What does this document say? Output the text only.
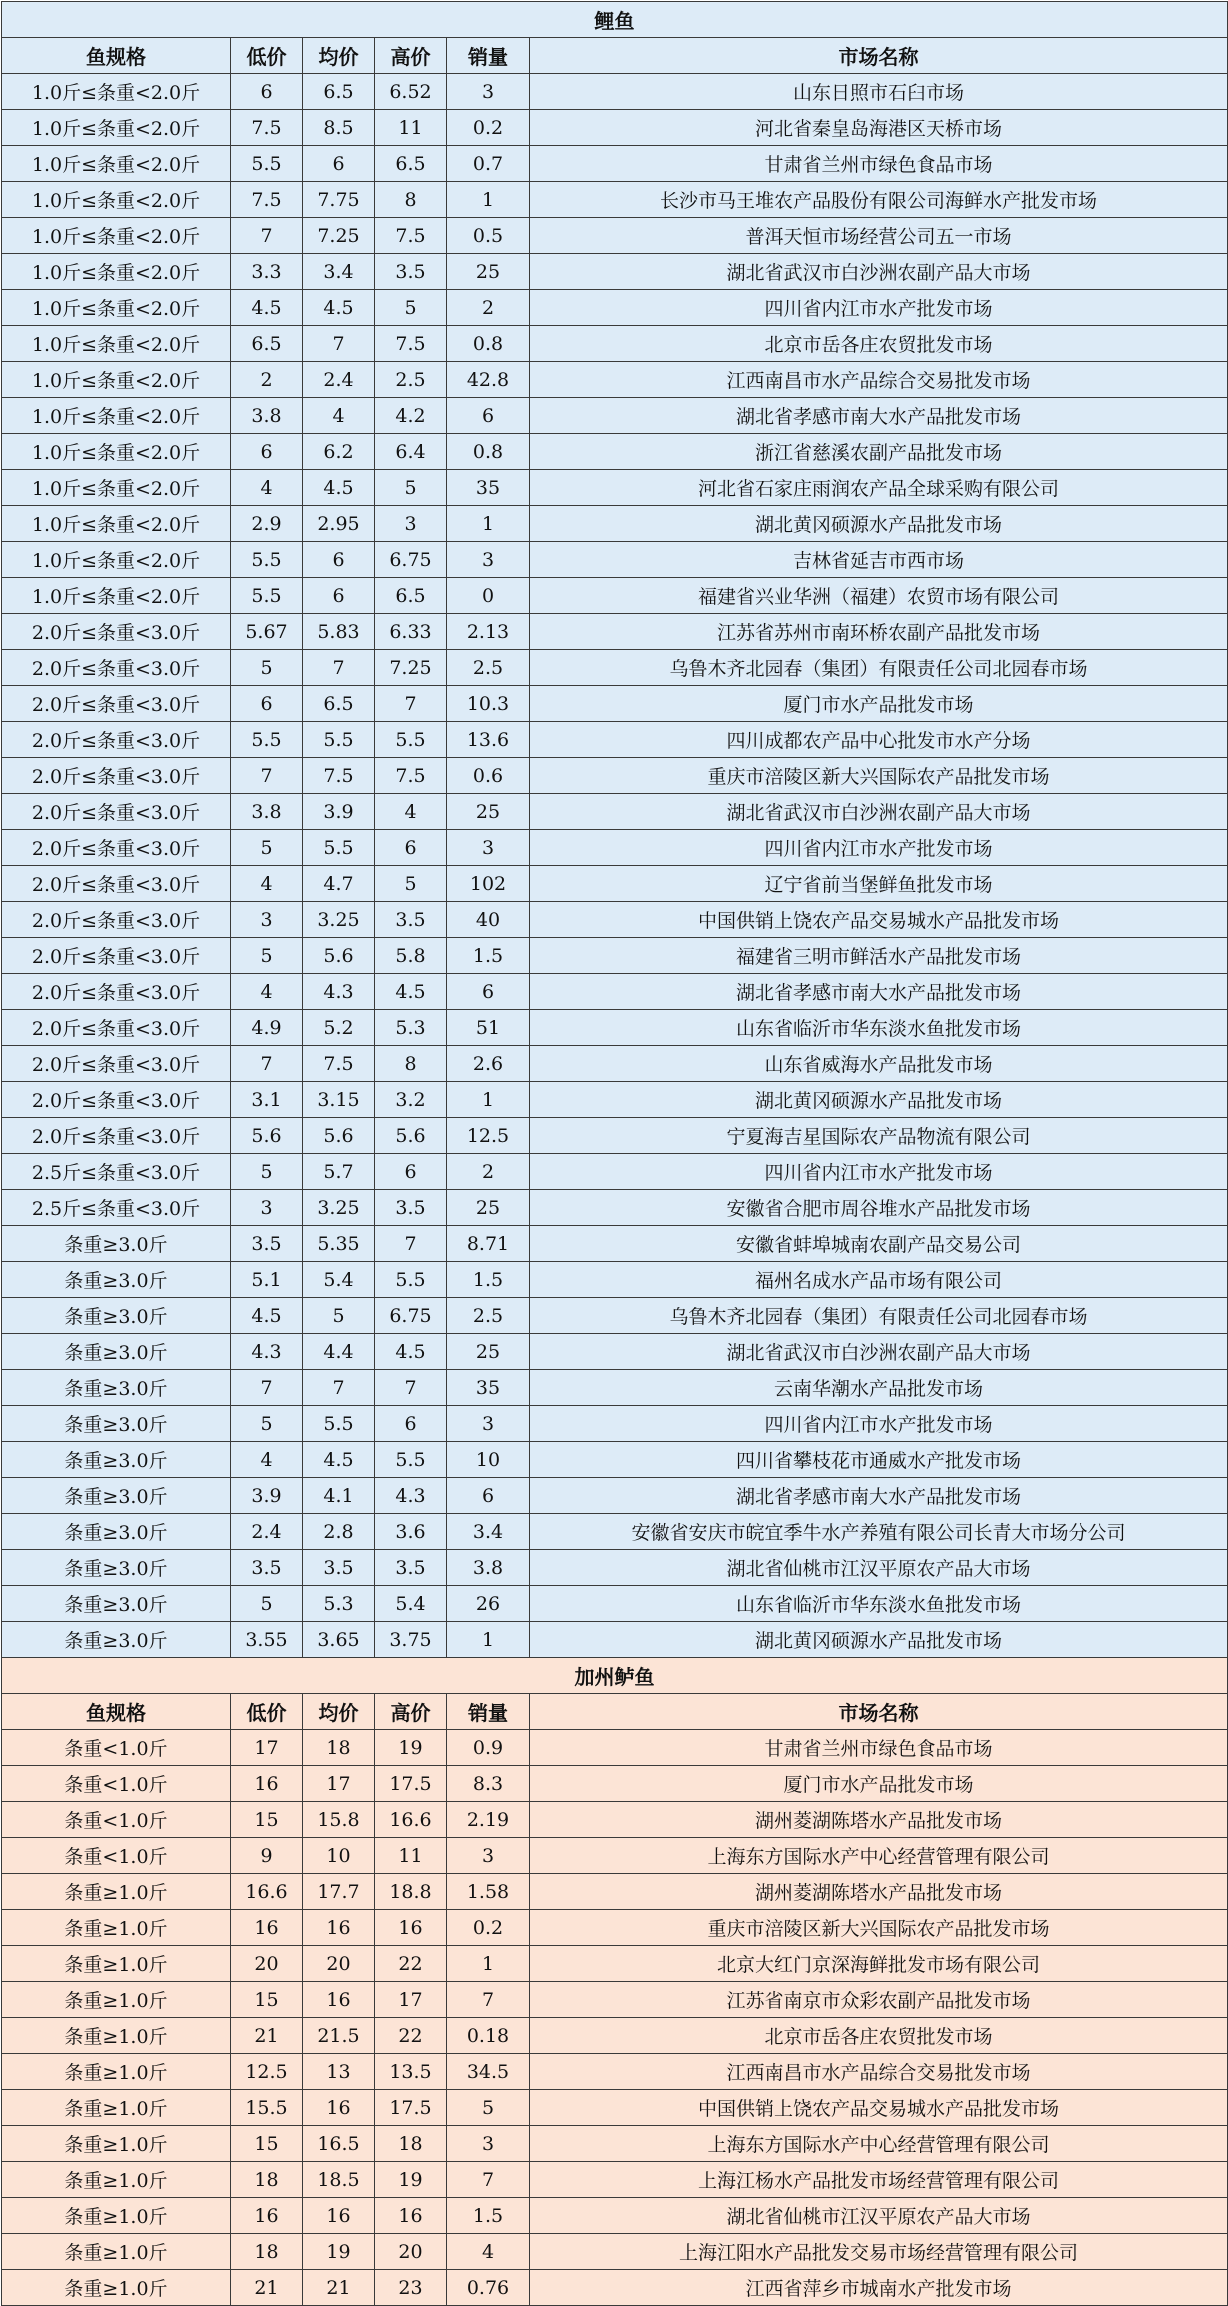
鲤鱼					
鱼规格	低价	均价	高价	销量	市场名称
1.0斤≤条重<2.0斤	6	6.5	6.52	3	山东日照市石臼市场
1.0斤≤条重<2.0斤	7.5	8.5	11	0.2	河北省秦皇岛海港区天桥市场
1.0斤≤条重<2.0斤	5.5	6	6.5	0.7	甘肃省兰州市绿色食品市场
1.0斤≤条重<2.0斤	7.5	7.75	8	1	长沙市马王堆农产品股份有限公司海鲜水产批发市场
1.0斤≤条重<2.0斤	7	7.25	7.5	0.5	普洱天恒市场经营公司五一市场
1.0斤≤条重<2.0斤	3.3	3.4	3.5	25	湖北省武汉市白沙洲农副产品大市场
1.0斤≤条重<2.0斤	4.5	4.5	5	2	四川省内江市水产批发市场
1.0斤≤条重<2.0斤	6.5	7	7.5	0.8	北京市岳各庄农贸批发市场
1.0斤≤条重<2.0斤	2	2.4	2.5	42.8	江西南昌市水产品综合交易批发市场
1.0斤≤条重<2.0斤	3.8	4	4.2	6	湖北省孝感市南大水产品批发市场
1.0斤≤条重<2.0斤	6	6.2	6.4	0.8	浙江省慈溪农副产品批发市场
1.0斤≤条重<2.0斤	4	4.5	5	35	河北省石家庄雨润农产品全球采购有限公司
1.0斤≤条重<2.0斤	2.9	2.95	3	1	湖北黄冈硕源水产品批发市场
1.0斤≤条重<2.0斤	5.5	6	6.75	3	吉林省延吉市西市场
1.0斤≤条重<2.0斤	5.5	6	6.5	0	福建省兴业华洲（福建）农贸市场有限公司
2.0斤≤条重<3.0斤	5.67	5.83	6.33	2.13	江苏省苏州市南环桥农副产品批发市场
2.0斤≤条重<3.0斤	5	7	7.25	2.5	乌鲁木齐北园春（集团）有限责任公司北园春市场
2.0斤≤条重<3.0斤	6	6.5	7	10.3	厦门市水产品批发市场
2.0斤≤条重<3.0斤	5.5	5.5	5.5	13.6	四川成都农产品中心批发市水产分场
2.0斤≤条重<3.0斤	7	7.5	7.5	0.6	重庆市涪陵区新大兴国际农产品批发市场
2.0斤≤条重<3.0斤	3.8	3.9	4	25	湖北省武汉市白沙洲农副产品大市场
2.0斤≤条重<3.0斤	5	5.5	6	3	四川省内江市水产批发市场
2.0斤≤条重<3.0斤	4	4.7	5	102	辽宁省前当堡鲜鱼批发市场
2.0斤≤条重<3.0斤	3	3.25	3.5	40	中国供销上饶农产品交易城水产品批发市场
2.0斤≤条重<3.0斤	5	5.6	5.8	1.5	福建省三明市鲜活水产品批发市场
2.0斤≤条重<3.0斤	4	4.3	4.5	6	湖北省孝感市南大水产品批发市场
2.0斤≤条重<3.0斤	4.9	5.2	5.3	51	山东省临沂市华东淡水鱼批发市场
2.0斤≤条重<3.0斤	7	7.5	8	2.6	山东省威海水产品批发市场
2.0斤≤条重<3.0斤	3.1	3.15	3.2	1	湖北黄冈硕源水产品批发市场
2.0斤≤条重<3.0斤	5.6	5.6	5.6	12.5	宁夏海吉星国际农产品物流有限公司
2.5斤≤条重<3.0斤	5	5.7	6	2	四川省内江市水产批发市场
2.5斤≤条重<3.0斤	3	3.25	3.5	25	安徽省合肥市周谷堆水产品批发市场
条重≥3.0斤	3.5	5.35	7	8.71	安徽省蚌埠城南农副产品交易公司
条重≥3.0斤	5.1	5.4	5.5	1.5	福州名成水产品市场有限公司
条重≥3.0斤	4.5	5	6.75	2.5	乌鲁木齐北园春（集团）有限责任公司北园春市场
条重≥3.0斤	4.3	4.4	4.5	25	湖北省武汉市白沙洲农副产品大市场
条重≥3.0斤	7	7	7	35	云南华潮水产品批发市场
条重≥3.0斤	5	5.5	6	3	四川省内江市水产批发市场
条重≥3.0斤	4	4.5	5.5	10	四川省攀枝花市通威水产批发市场
条重≥3.0斤	3.9	4.1	4.3	6	湖北省孝感市南大水产品批发市场
条重≥3.0斤	2.4	2.8	3.6	3.4	安徽省安庆市皖宜季牛水产养殖有限公司长青大市场分公司
条重≥3.0斤	3.5	3.5	3.5	3.8	湖北省仙桃市江汉平原农产品大市场
条重≥3.0斤	5	5.3	5.4	26	山东省临沂市华东淡水鱼批发市场
条重≥3.0斤	3.55	3.65	3.75	1	湖北黄冈硕源水产品批发市场
加州鲈鱼					
鱼规格	低价	均价	高价	销量	市场名称
条重<1.0斤	17	18	19	0.9	甘肃省兰州市绿色食品市场
条重<1.0斤	16	17	17.5	8.3	厦门市水产品批发市场
条重<1.0斤	15	15.8	16.6	2.19	湖州菱湖陈塔水产品批发市场
条重<1.0斤	9	10	11	3	上海东方国际水产中心经营管理有限公司
条重≥1.0斤	16.6	17.7	18.8	1.58	湖州菱湖陈塔水产品批发市场
条重≥1.0斤	16	16	16	0.2	重庆市涪陵区新大兴国际农产品批发市场
条重≥1.0斤	20	20	22	1	北京大红门京深海鲜批发市场有限公司
条重≥1.0斤	15	16	17	7	江苏省南京市众彩农副产品批发市场
条重≥1.0斤	21	21.5	22	0.18	北京市岳各庄农贸批发市场
条重≥1.0斤	12.5	13	13.5	34.5	江西南昌市水产品综合交易批发市场
条重≥1.0斤	15.5	16	17.5	5	中国供销上饶农产品交易城水产品批发市场
条重≥1.0斤	15	16.5	18	3	上海东方国际水产中心经营管理有限公司
条重≥1.0斤	18	18.5	19	7	上海江杨水产品批发市场经营管理有限公司
条重≥1.0斤	16	16	16	1.5	湖北省仙桃市江汉平原农产品大市场
条重≥1.0斤	18	19	20	4	上海江阳水产品批发交易市场经营管理有限公司
条重≥1.0斤	21	21	23	0.76	江西省萍乡市城南水产批发市场
